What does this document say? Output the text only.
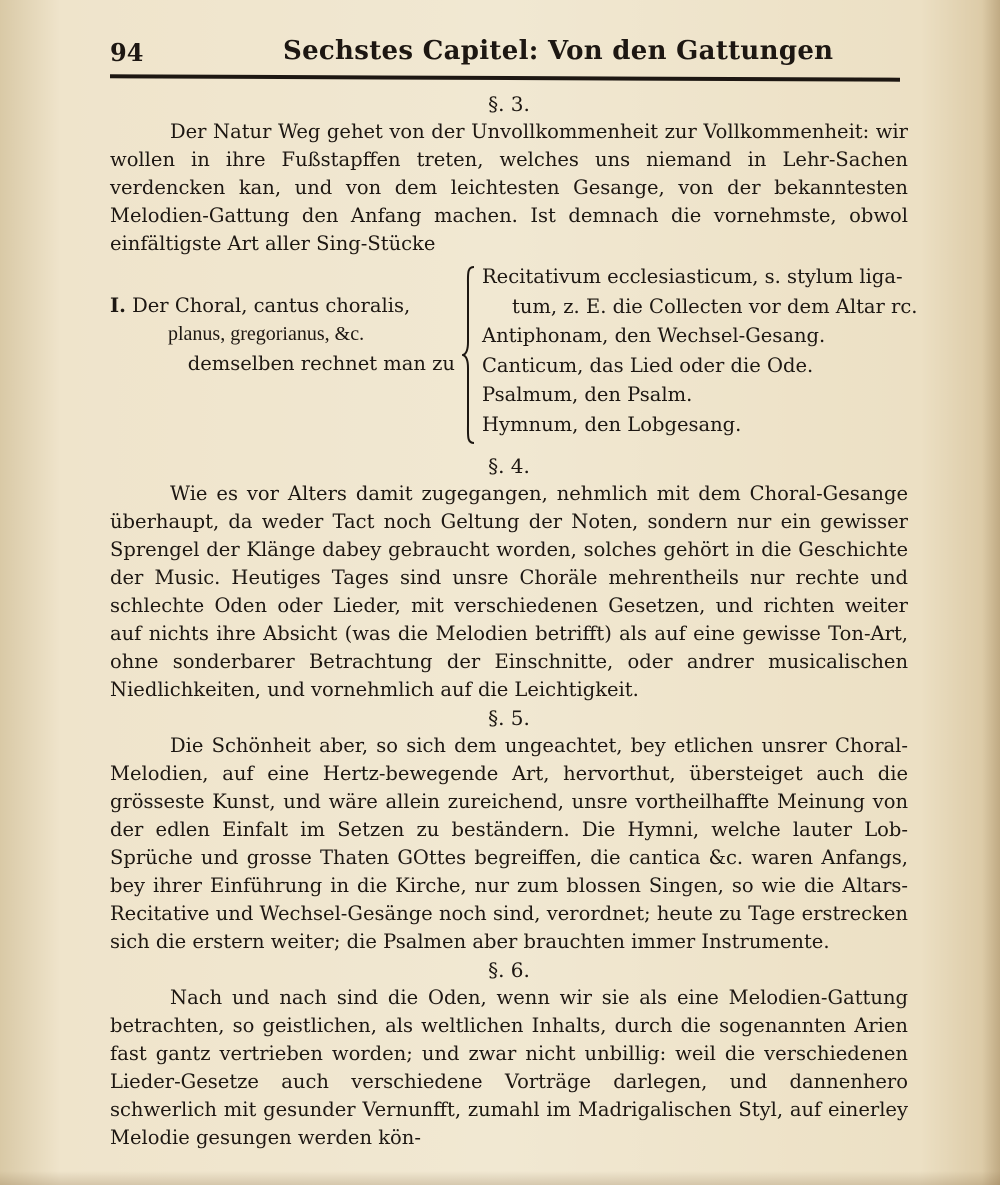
94	Sechstes Capitel: Von den Gattungen
§. 3.

Der Natur Weg gehet von der Unvollkommenheit zur Vollkommenheit: wir wollen in ihre Fußstapffen treten, welches uns niemand in Lehr-Sachen verdencken kan, und von dem leichtesten Gesange, von der bekanntesten Melodien-Gattung den Anfang machen. Ist demnach die vornehmste, obwol einfältigste Art aller Sing-Stücke

I. Der Choral, cantus choralis,
planus, gregorianus, &c.
demselben rechnet man zu
Recitativum ecclesiasticum, s. stylum liga-
tum, z. E. die Collecten vor dem Altar rc.
Antiphonam, den Wechsel-Gesang.
Canticum, das Lied oder die Ode.
Psalmum, den Psalm.
Hymnum, den Lobgesang.
§. 4.

Wie es vor Alters damit zugegangen, nehmlich mit dem Choral-Gesange überhaupt, da weder Tact noch Geltung der Noten, sondern nur ein gewisser Sprengel der Klänge dabey gebraucht worden, solches gehört in die Geschichte der Music. Heutiges Tages sind unsre Choräle mehrentheils nur rechte und schlechte Oden oder Lieder, mit verschiedenen Gesetzen, und richten weiter auf nichts ihre Absicht (was die Melodien betrifft) als auf eine gewisse Ton-Art, ohne sonderbarer Betrachtung der Einschnitte, oder andrer musicalischen Niedlichkeiten, und vornehmlich auf die Leichtigkeit.

§. 5.

Die Schönheit aber, so sich dem ungeachtet, bey etlichen unsrer Choral-Melodien, auf eine Hertz-bewegende Art, hervorthut, übersteiget auch die grösseste Kunst, und wäre allein zureichend, unsre vortheilhaffte Meinung von der edlen Einfalt im Setzen zu beständern. Die Hymni, welche lauter Lob-Sprüche und grosse Thaten GOttes begreiffen, die cantica &c. waren Anfangs, bey ihrer Einführung in die Kirche, nur zum blossen Singen, so wie die Altars-Recitative und Wechsel-Gesänge noch sind, verordnet; heute zu Tage erstrecken sich die erstern weiter; die Psalmen aber brauchten immer Instrumente.

§. 6.

Nach und nach sind die Oden, wenn wir sie als eine Melodien-Gattung betrachten, so geistlichen, als weltlichen Inhalts, durch die sogenannten Arien fast gantz vertrieben worden; und zwar nicht unbillig: weil die verschiedenen Lieder-Gesetze auch verschiedene Vorträge darlegen, und dannenhero schwerlich mit gesunder Vernunfft, zumahl im Madrigalischen Styl, auf einerley Melodie gesungen werden kön-
